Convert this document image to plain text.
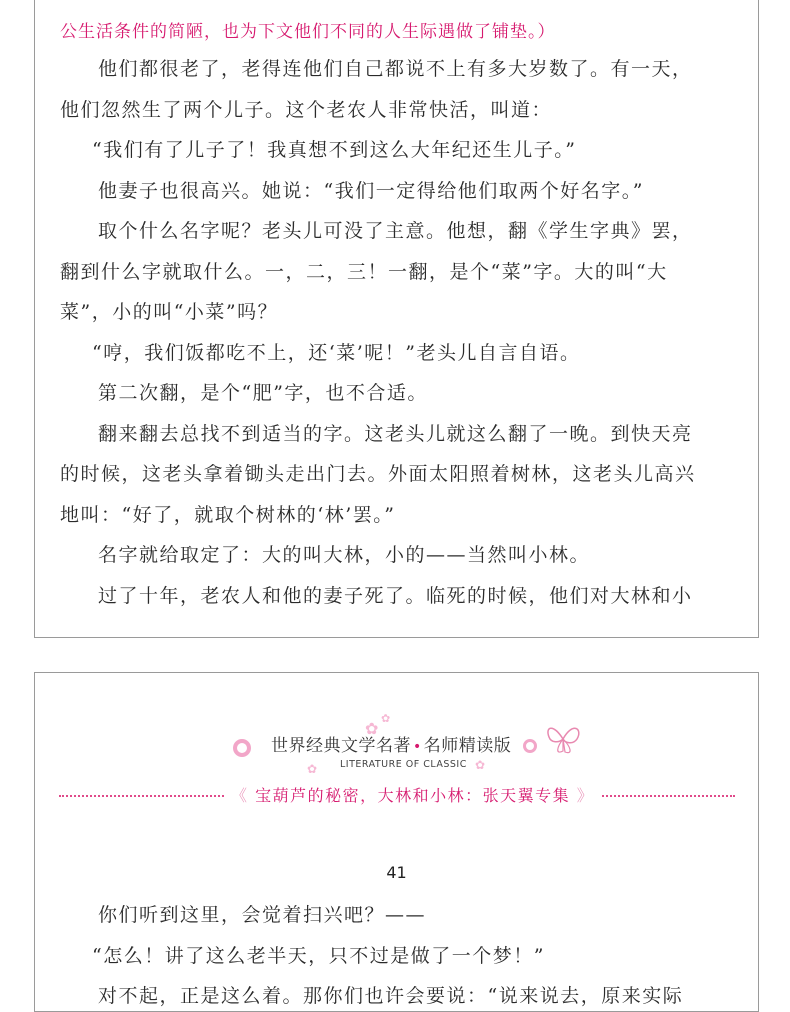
公生活条件的简陋，也为下文他们不同的人生际遇做了铺垫。）

他们都很老了，老得连他们自己都说不上有多大岁数了。有一天，
他们忽然生了两个儿子。这个老农人非常快活，叫道：
“我们有了儿子了！我真想不到这么大年纪还生儿子。”
他妻子也很高兴。她说：“我们一定得给他们取两个好名字。”
取个什么名字呢？老头儿可没了主意。他想，翻《学生字典》罢，
翻到什么字就取什么。一，二，三！一翻，是个“菜”字。大的叫“大
菜”，小的叫“小菜”吗？
“哼，我们饭都吃不上，还‘菜’呢！”老头儿自言自语。
第二次翻，是个“肥”字，也不合适。
翻来翻去总找不到适当的字。这老头儿就这么翻了一晚。到快天亮
的时候，这老头拿着锄头走出门去。外面太阳照着树林，这老头儿高兴
地叫：“好了，就取个树林的‘林’罢。”
名字就给取定了：大的叫大林，小的——当然叫小林。
过了十年，老农人和他的妻子死了。临死的时候，他们对大林和小
✿
✿
✿	✿
世界经典文学名著 • 名师精读版
LITERATURE OF CLASSIC
《 宝葫芦的秘密，大林和小林：张天翼专集 》
41
你们听到这里，会觉着扫兴吧？——
“怎么！讲了这么老半天，只不过是做了一个梦！”
对不起，正是这么着。那你们也许会要说：“说来说去，原来实际
